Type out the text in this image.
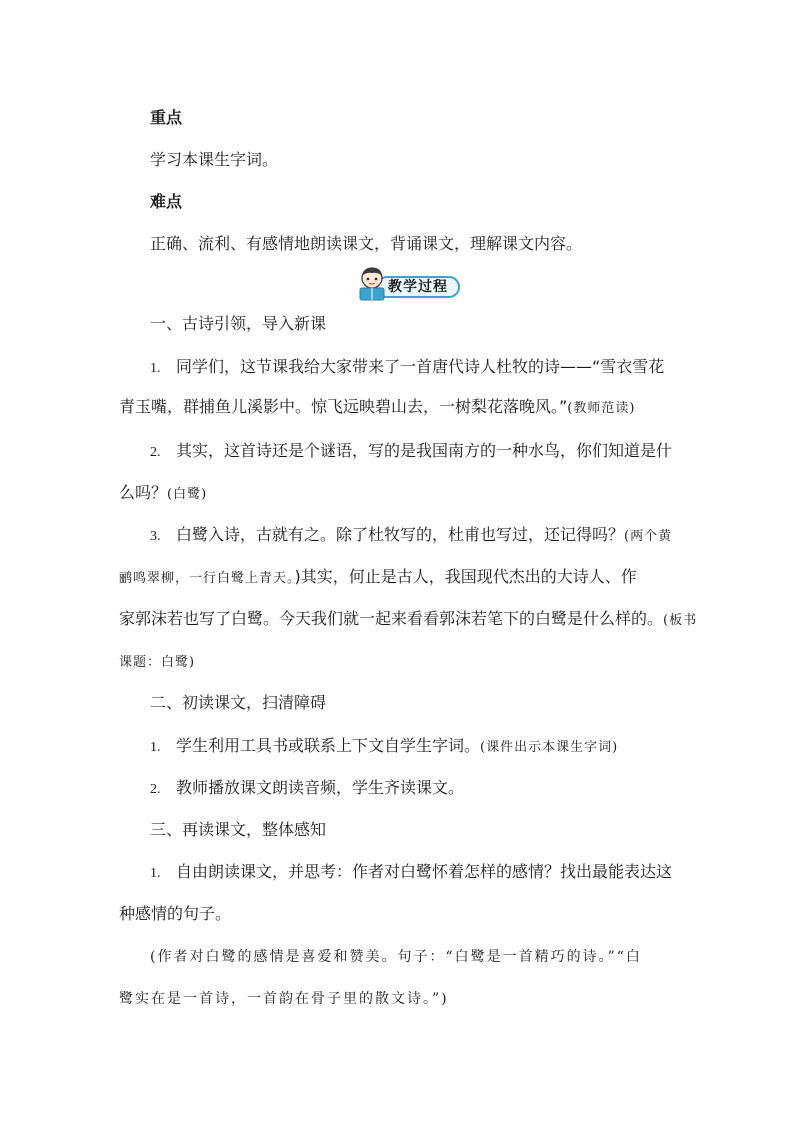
重点
学习本课生字词。
难点
正确、流利、有感情地朗读课文，背诵课文，理解课文内容。
教学过程
一、古诗引领，导入新课
1. 同学们，这节课我给大家带来了一首唐代诗人杜牧的诗——“雪衣雪花
青玉嘴，群捕鱼儿溪影中。惊飞远映碧山去，一树梨花落晚风。”(教师范读)
2. 其实，这首诗还是个谜语，写的是我国南方的一种水鸟，你们知道是什
么吗？(白鹭)
3. 白鹭入诗，古就有之。除了杜牧写的，杜甫也写过，还记得吗？(两个黄
鹂鸣翠柳，一行白鹭上青天。)其实，何止是古人，我国现代杰出的大诗人、作
家郭沫若也写了白鹭。今天我们就一起来看看郭沫若笔下的白鹭是什么样的。(板书
课题：白鹭)
二、初读课文，扫清障碍
1. 学生利用工具书或联系上下文自学生字词。(课件出示本课生字词)
2. 教师播放课文朗读音频，学生齐读课文。
三、再读课文，整体感知
1. 自由朗读课文，并思考：作者对白鹭怀着怎样的感情？找出最能表达这
种感情的句子。
(作者对白鹭的感情是喜爱和赞美。句子：“白鹭是一首精巧的诗。”“白
鹭实在是一首诗，一首韵在骨子里的散文诗。”)
